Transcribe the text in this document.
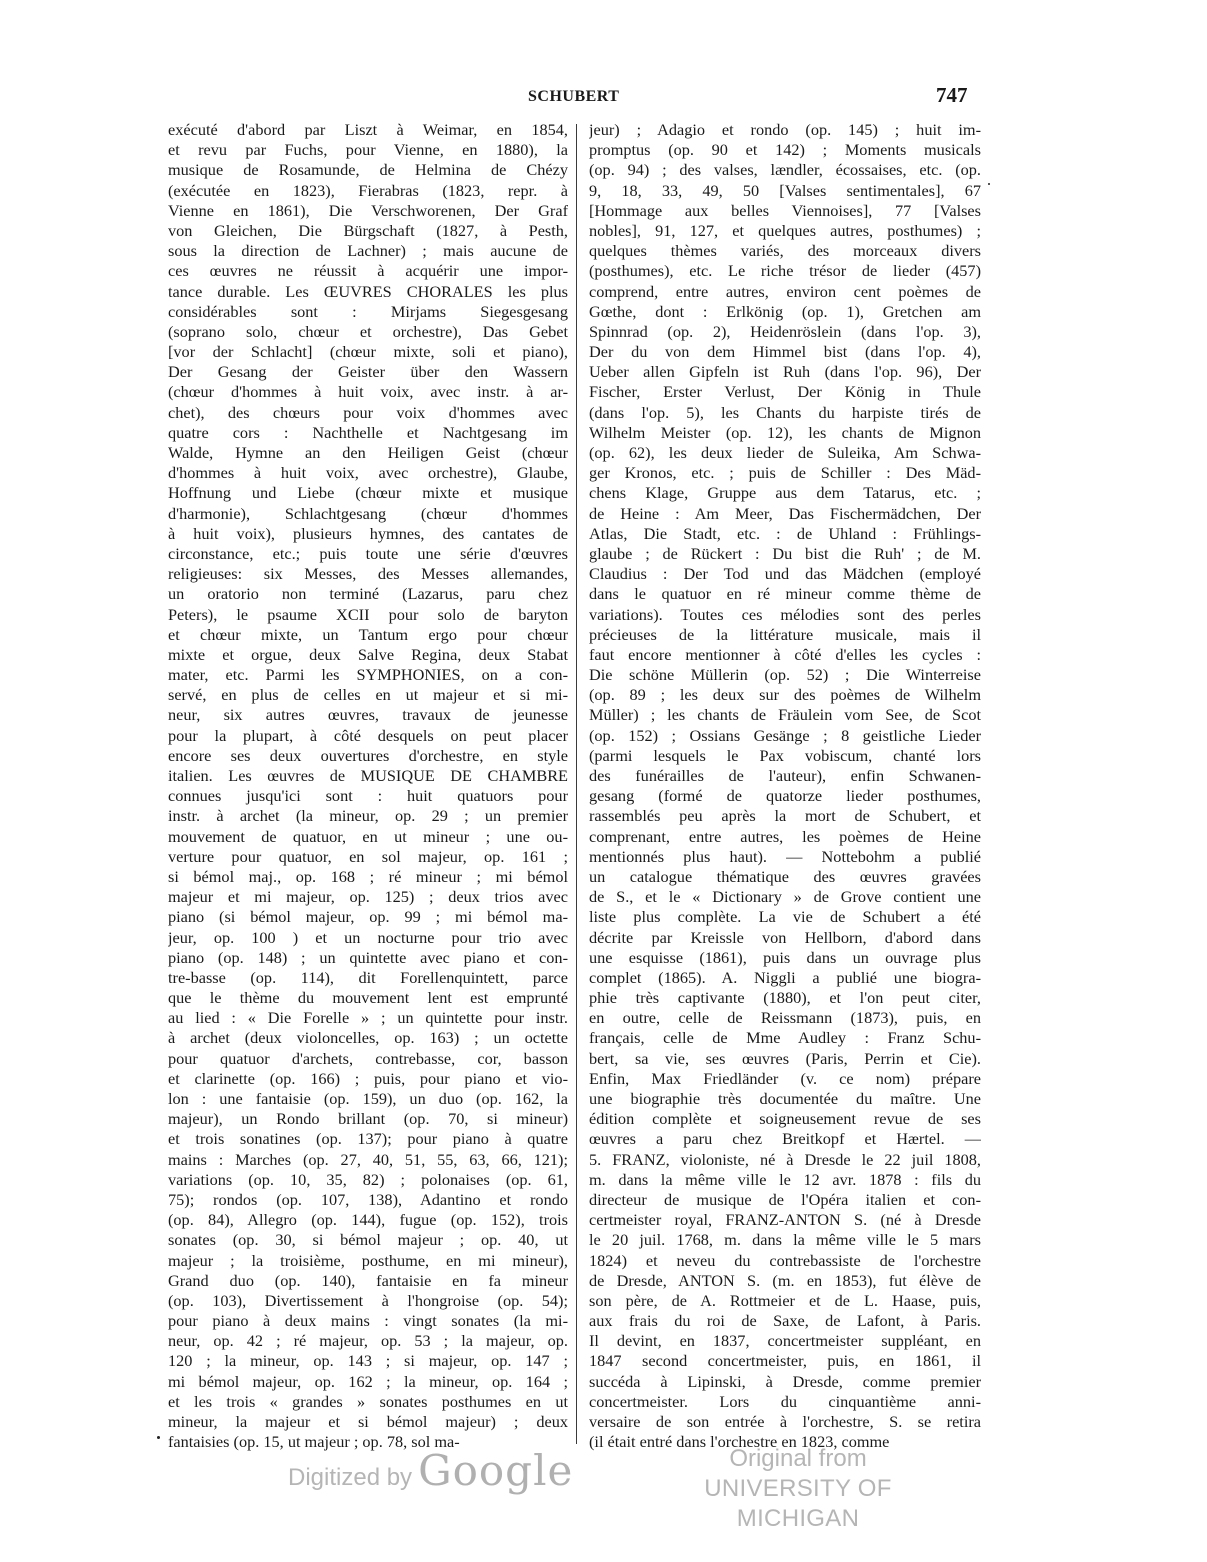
SCHUBERT	747
exécuté d'abord par Liszt à Weimar, en 1854,
et revu par Fuchs, pour Vienne, en 1880), la
musique de Rosamunde, de Helmina de Chézy
(exécutée en 1823), Fierabras (1823, repr. à
Vienne en 1861), Die Verschworenen, Der Graf
von Gleichen, Die Bürgschaft (1827, à Pesth,
sous la direction de Lachner) ; mais aucune de
ces œuvres ne réussit à acquérir une impor-
tance durable. Les ŒUVRES CHORALES les plus
considérables sont : Mirjams Siegesgesang
(soprano solo, chœur et orchestre), Das Gebet
[vor der Schlacht] (chœur mixte, soli et piano),
Der Gesang der Geister über den Wassern
(chœur d'hommes à huit voix, avec instr. à ar-
chet), des chœurs pour voix d'hommes avec
quatre cors : Nachthelle et Nachtgesang im
Walde, Hymne an den Heiligen Geist (chœur
d'hommes à huit voix, avec orchestre), Glaube,
Hoffnung und Liebe (chœur mixte et musique
d'harmonie), Schlachtgesang (chœur d'hommes
à huit voix), plusieurs hymnes, des cantates de
circonstance, etc.; puis toute une série d'œuvres
religieuses: six Messes, des Messes allemandes,
un oratorio non terminé (Lazarus, paru chez
Peters), le psaume XCII pour solo de baryton
et chœur mixte, un Tantum ergo pour chœur
mixte et orgue, deux Salve Regina, deux Stabat
mater, etc. Parmi les SYMPHONIES, on a con-
servé, en plus de celles en ut majeur et si mi-
neur, six autres œuvres, travaux de jeunesse
pour la plupart, à côté desquels on peut placer
encore ses deux ouvertures d'orchestre, en style
italien. Les œuvres de MUSIQUE DE CHAMBRE
connues jusqu'ici sont : huit quatuors pour
instr. à archet (la mineur, op. 29 ; un premier
mouvement de quatuor, en ut mineur ; une ou-
verture pour quatuor, en sol majeur, op. 161 ;
si bémol maj., op. 168 ; ré mineur ; mi bémol
majeur et mi majeur, op. 125) ; deux trios avec
piano (si bémol majeur, op. 99 ; mi bémol ma-
jeur, op. 100 ) et un nocturne pour trio avec
piano (op. 148) ; un quintette avec piano et con-
tre-basse (op. 114), dit Forellenquintett, parce
que le thème du mouvement lent est emprunté
au lied : « Die Forelle » ; un quintette pour instr.
à archet (deux violoncelles, op. 163) ; un octette
pour quatuor d'archets, contrebasse, cor, basson
et clarinette (op. 166) ; puis, pour piano et vio-
lon : une fantaisie (op. 159), un duo (op. 162, la
majeur), un Rondo brillant (op. 70, si mineur)
et trois sonatines (op. 137); pour piano à quatre
mains : Marches (op. 27, 40, 51, 55, 63, 66, 121);
variations (op. 10, 35, 82) ; polonaises (op. 61,
75); rondos (op. 107, 138), Adantino et rondo
(op. 84), Allegro (op. 144), fugue (op. 152), trois
sonates (op. 30, si bémol majeur ; op. 40, ut
majeur ; la troisième, posthume, en mi mineur),
Grand duo (op. 140), fantaisie en fa mineur
(op. 103), Divertissement à l'hongroise (op. 54);
pour piano à deux mains : vingt sonates (la mi-
neur, op. 42 ; ré majeur, op. 53 ; la majeur, op.
120 ; la mineur, op. 143 ; si majeur, op. 147 ;
mi bémol majeur, op. 162 ; la mineur, op. 164 ;
et les trois « grandes » sonates posthumes en ut
mineur, la majeur et si bémol majeur) ; deux
fantaisies (op. 15, ut majeur ; op. 78, sol ma-
jeur) ; Adagio et rondo (op. 145) ; huit im-
promptus (op. 90 et 142) ; Moments musicals
(op. 94) ; des valses, lændler, écossaises, etc. (op.
9, 18, 33, 49, 50 [Valses sentimentales], 67
[Hommage aux belles Viennoises], 77 [Valses
nobles], 91, 127, et quelques autres, posthumes) ;
quelques thèmes variés, des morceaux divers
(posthumes), etc. Le riche trésor de lieder (457)
comprend, entre autres, environ cent poèmes de
Gœthe, dont : Erlkönig (op. 1), Gretchen am
Spinnrad (op. 2), Heidenröslein (dans l'op. 3),
Der du von dem Himmel bist (dans l'op. 4),
Ueber allen Gipfeln ist Ruh (dans l'op. 96), Der
Fischer, Erster Verlust, Der König in Thule
(dans l'op. 5), les Chants du harpiste tirés de
Wilhelm Meister (op. 12), les chants de Mignon
(op. 62), les deux lieder de Suleika, Am Schwa-
ger Kronos, etc. ; puis de Schiller : Des Mäd-
chens Klage, Gruppe aus dem Tatarus, etc. ;
de Heine : Am Meer, Das Fischermädchen, Der
Atlas, Die Stadt, etc. : de Uhland : Frühlings-
glaube ; de Rückert : Du bist die Ruh' ; de M.
Claudius : Der Tod und das Mädchen (employé
dans le quatuor en ré mineur comme thème de
variations). Toutes ces mélodies sont des perles
précieuses de la littérature musicale, mais il
faut encore mentionner à côté d'elles les cycles :
Die schöne Müllerin (op. 52) ; Die Winterreise
(op. 89 ; les deux sur des poèmes de Wilhelm
Müller) ; les chants de Fräulein vom See, de Scot
(op. 152) ; Ossians Gesänge ; 8 geistliche Lieder
(parmi lesquels le Pax vobiscum, chanté lors
des funérailles de l'auteur), enfin Schwanen-
gesang (formé de quatorze lieder posthumes,
rassemblés peu après la mort de Schubert, et
comprenant, entre autres, les poèmes de Heine
mentionnés plus haut). — Nottebohm a publié
un catalogue thématique des œuvres gravées
de S., et le « Dictionary » de Grove contient une
liste plus complète. La vie de Schubert a été
décrite par Kreissle von Hellborn, d'abord dans
une esquisse (1861), puis dans un ouvrage plus
complet (1865). A. Niggli a publié une biogra-
phie très captivante (1880), et l'on peut citer,
en outre, celle de Reissmann (1873), puis, en
français, celle de Mme Audley : Franz Schu-
bert, sa vie, ses œuvres (Paris, Perrin et Cie).
Enfin, Max Friedländer (v. ce nom) prépare
une biographie très documentée du maître. Une
édition complète et soigneusement revue de ses
œuvres a paru chez Breitkopf et Hærtel. —
5. FRANZ, violoniste, né à Dresde le 22 juil 1808,
m. dans la même ville le 12 avr. 1878 : fils du
directeur de musique de l'Opéra italien et con-
certmeister royal, FRANZ-ANTON S. (né à Dresde
le 20 juil. 1768, m. dans la même ville le 5 mars
1824) et neveu du contrebassiste de l'orchestre
de Dresde, ANTON S. (m. en 1853), fut élève de
son père, de A. Rottmeier et de L. Haase, puis,
aux frais du roi de Saxe, de Lafont, à Paris.
Il devint, en 1837, concertmeister suppléant, en
1847 second concertmeister, puis, en 1861, il
succéda à Lipinski, à Dresde, comme premier
concertmeister. Lors du cinquantième anni-
versaire de son entrée à l'orchestre, S. se retira
(il était entré dans l'orchestre en 1823, comme
Digitized by Google	Original from
UNIVERSITY OF MICHIGAN
